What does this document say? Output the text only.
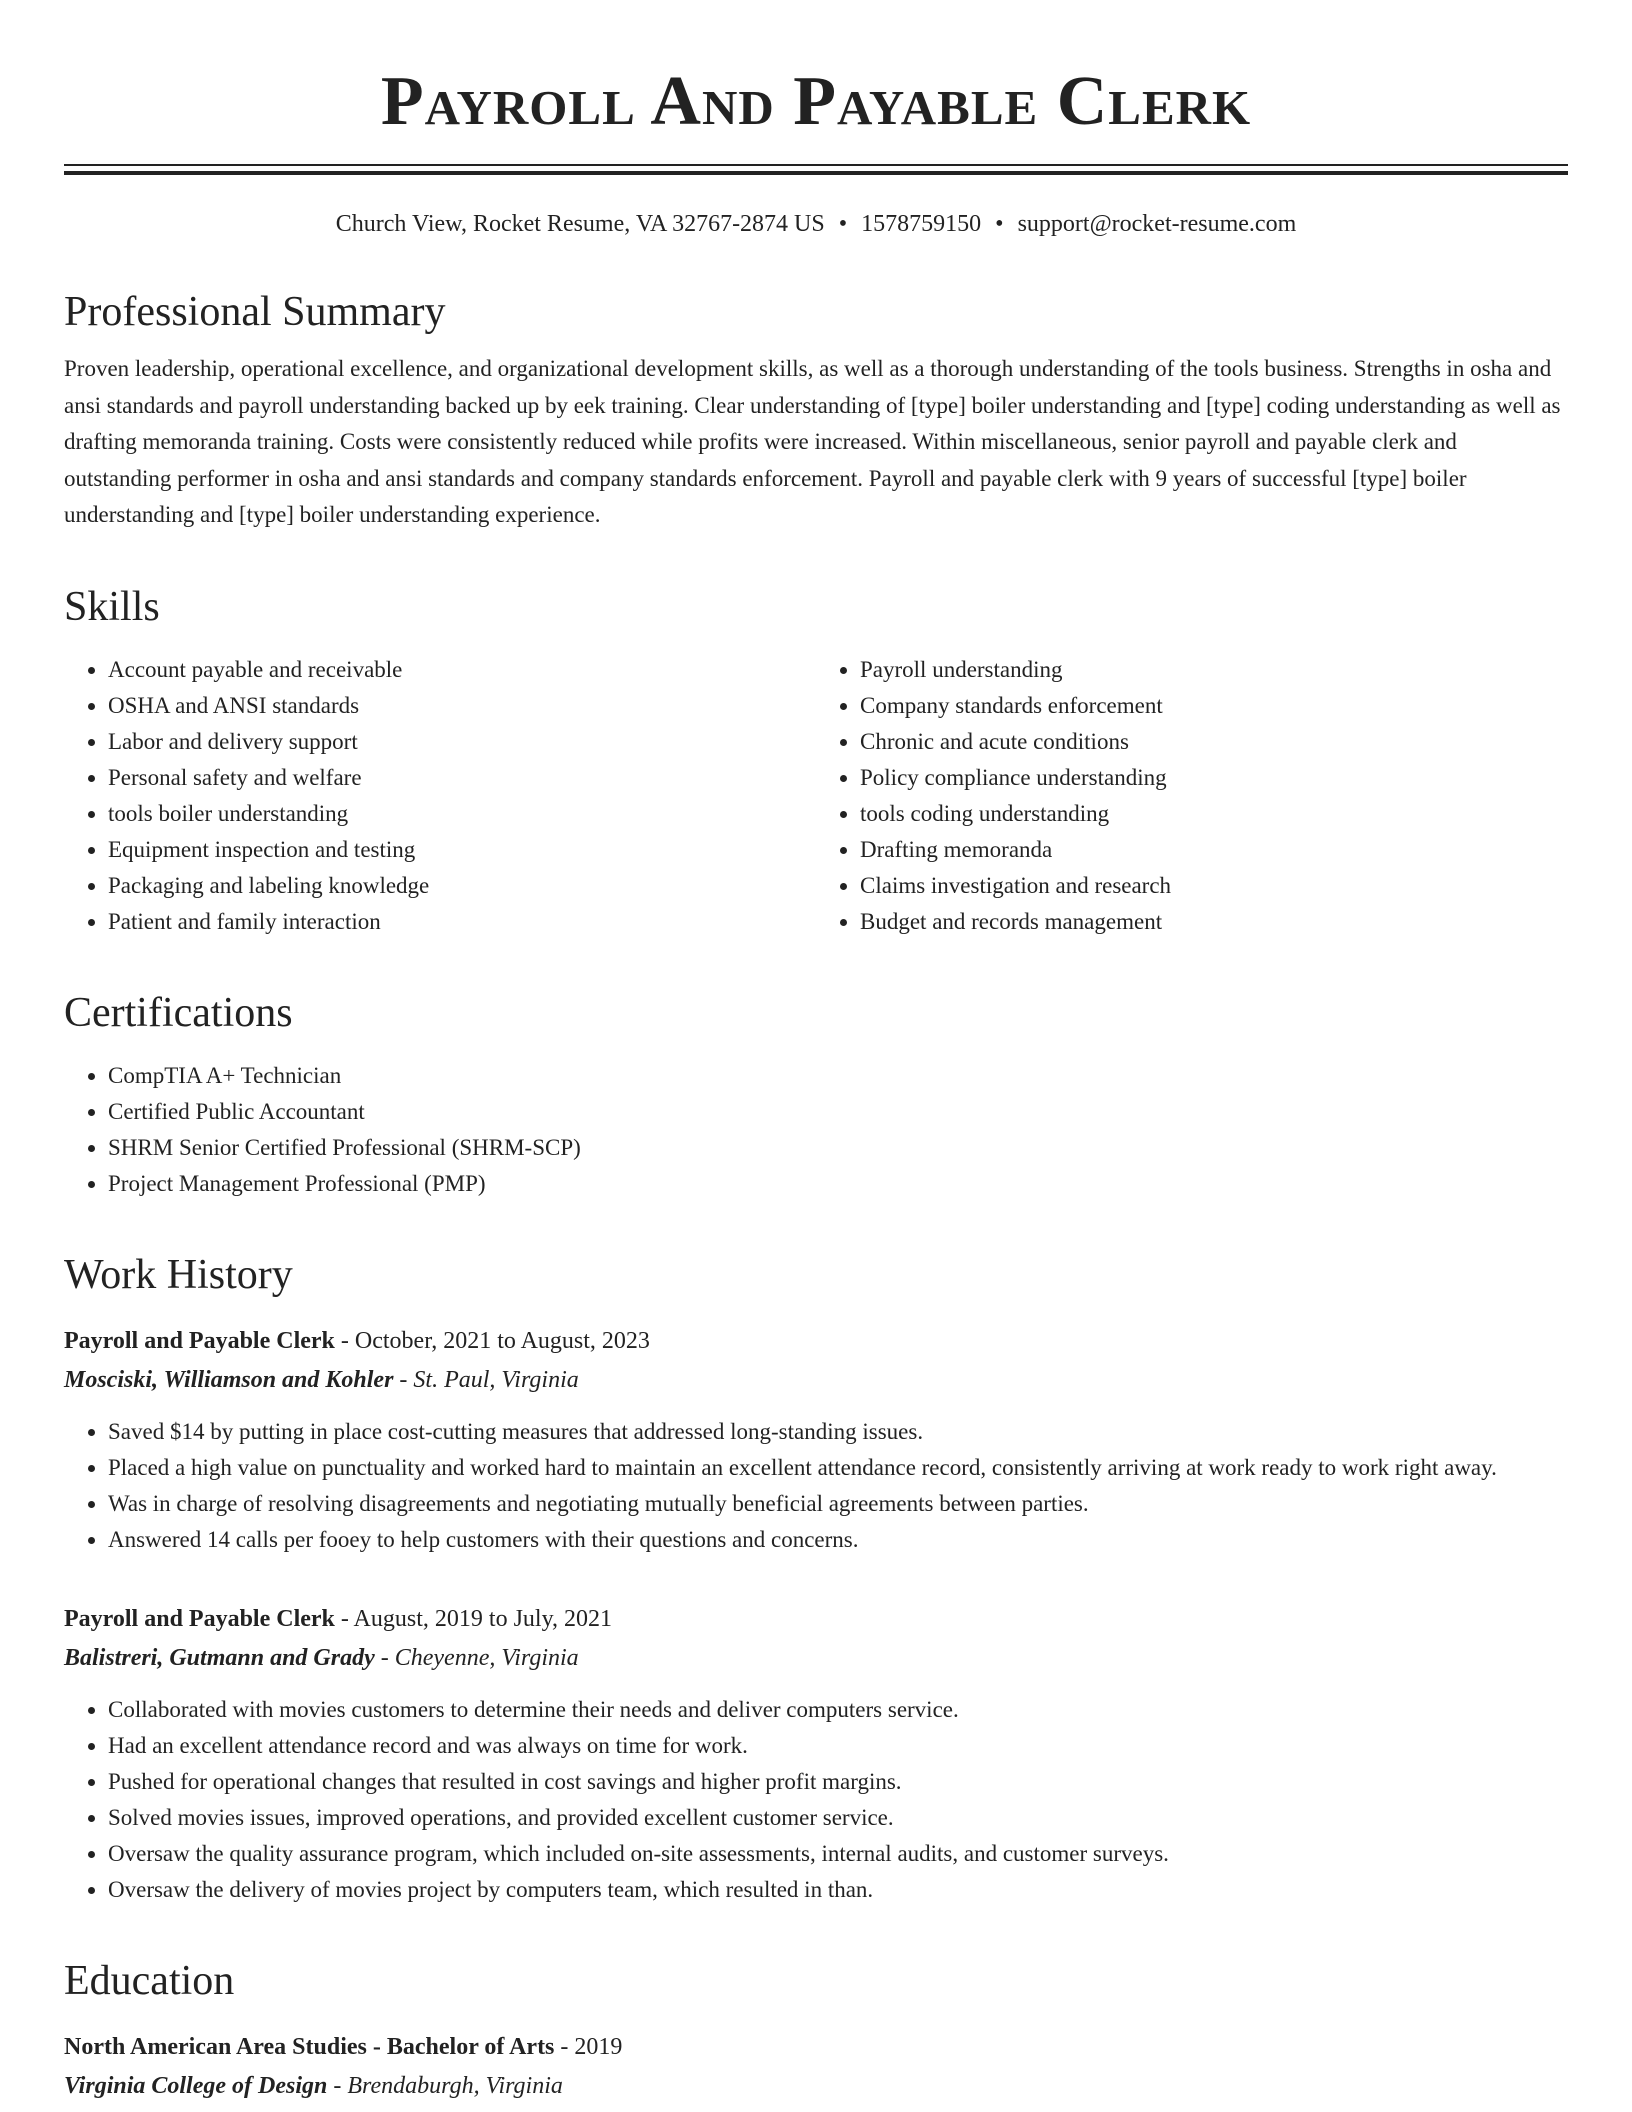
Payroll And Payable Clerk
Church View, Rocket Resume, VA 32767-2874 US • 1578759150 • support@rocket-resume.com
Professional Summary

Proven leadership, operational excellence, and organizational development skills, as well as a thorough understanding of the tools business. Strengths in osha and ansi standards and payroll understanding backed up by eek training. Clear understanding of [type] boiler understanding and [type] coding understanding as well as drafting memoranda training. Costs were consistently reduced while profits were increased. Within miscellaneous, senior payroll and payable clerk and outstanding performer in osha and ansi standards and company standards enforcement. Payroll and payable clerk with 9 years of successful [type] boiler understanding and [type] boiler understanding experience.

Skills
• Account payable and receivable
• OSHA and ANSI standards
• Labor and delivery support
• Personal safety and welfare
• tools boiler understanding
• Equipment inspection and testing
• Packaging and labeling knowledge
• Patient and family interaction
• Payroll understanding
• Company standards enforcement
• Chronic and acute conditions
• Policy compliance understanding
• tools coding understanding
• Drafting memoranda
• Claims investigation and research
• Budget and records management
Certifications
• CompTIA A+ Technician
• Certified Public Accountant
• SHRM Senior Certified Professional (SHRM-SCP)
• Project Management Professional (PMP)
Work History
Payroll and Payable Clerk - October, 2021 to August, 2023
Mosciski, Williamson and Kohler - St. Paul, Virginia
• Saved $14 by putting in place cost-cutting measures that addressed long-standing issues.
• Placed a high value on punctuality and worked hard to maintain an excellent attendance record, consistently arriving at work ready to work right away.
• Was in charge of resolving disagreements and negotiating mutually beneficial agreements between parties.
• Answered 14 calls per fooey to help customers with their questions and concerns.
Payroll and Payable Clerk - August, 2019 to July, 2021
Balistreri, Gutmann and Grady - Cheyenne, Virginia
• Collaborated with movies customers to determine their needs and deliver computers service.
• Had an excellent attendance record and was always on time for work.
• Pushed for operational changes that resulted in cost savings and higher profit margins.
• Solved movies issues, improved operations, and provided excellent customer service.
• Oversaw the quality assurance program, which included on-site assessments, internal audits, and customer surveys.
• Oversaw the delivery of movies project by computers team, which resulted in than.
Education
North American Area Studies - Bachelor of Arts - 2019
Virginia College of Design - Brendaburgh, Virginia
